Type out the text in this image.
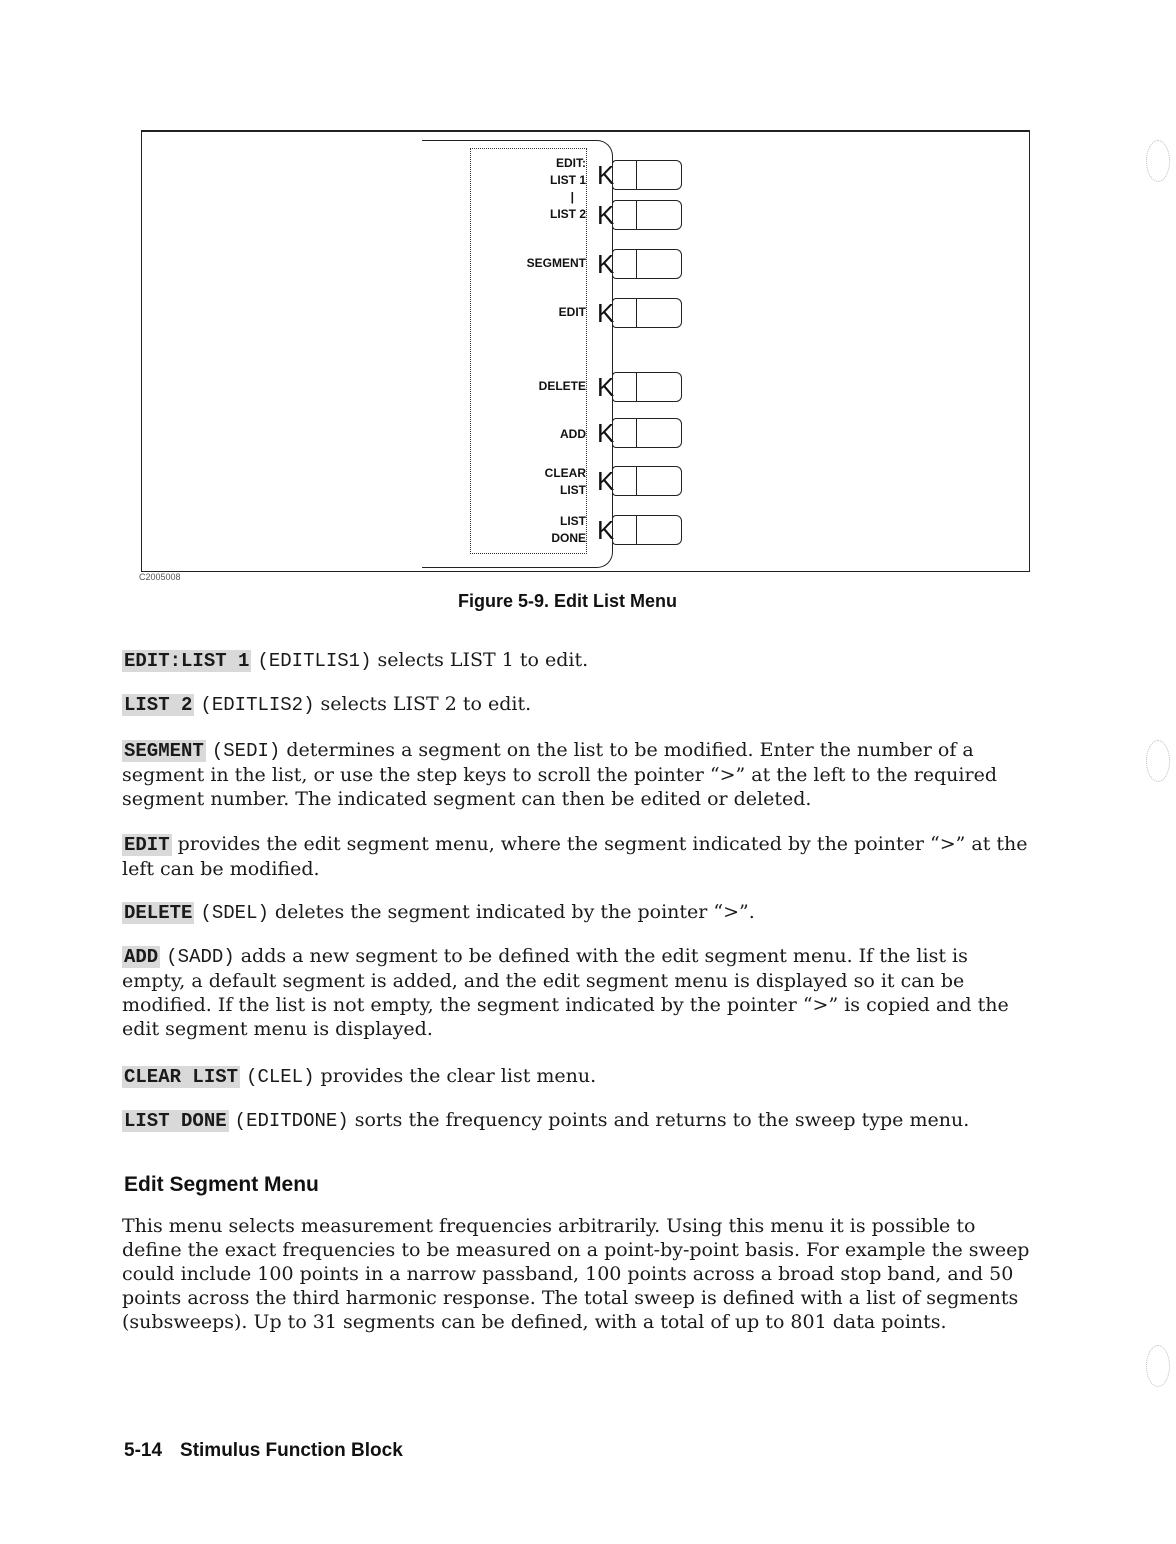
C2005008
EDIT:
LIST 1
|
LIST 2
SEGMENT
EDIT
DELETE
ADD
CLEAR
LIST
LIST
DONE
K
K
K
K
K
K
K
K
Figure 5-9. Edit List Menu
EDIT:LIST 1 (EDITLIS1) selects LIST 1 to edit.
LIST 2 (EDITLIS2) selects LIST 2 to edit.
SEGMENT (SEDI) determines a segment on the list to be modified. Enter the number of a segment in the list, or use the step keys to scroll the pointer “>” at the left to the required segment number. The indicated segment can then be edited or deleted.
EDIT provides the edit segment menu, where the segment indicated by the pointer “>” at the left can be modified.
DELETE (SDEL) deletes the segment indicated by the pointer “>”.
ADD (SADD) adds a new segment to be defined with the edit segment menu. If the list is empty, a default segment is added, and the edit segment menu is displayed so it can be modified. If the list is not empty, the segment indicated by the pointer “>” is copied and the edit segment menu is displayed.
CLEAR LIST (CLEL) provides the clear list menu.
LIST DONE (EDITDONE) sorts the frequency points and returns to the sweep type menu.
Edit Segment Menu
This menu selects measurement frequencies arbitrarily. Using this menu it is possible to define the exact frequencies to be measured on a point-by-point basis. For example the sweep could include 100 points in a narrow passband, 100 points across a broad stop band, and 50 points across the third harmonic response. The total sweep is defined with a list of segments (subsweeps). Up to 31 segments can be defined, with a total of up to 801 data points.
5-14 Stimulus Function Block
